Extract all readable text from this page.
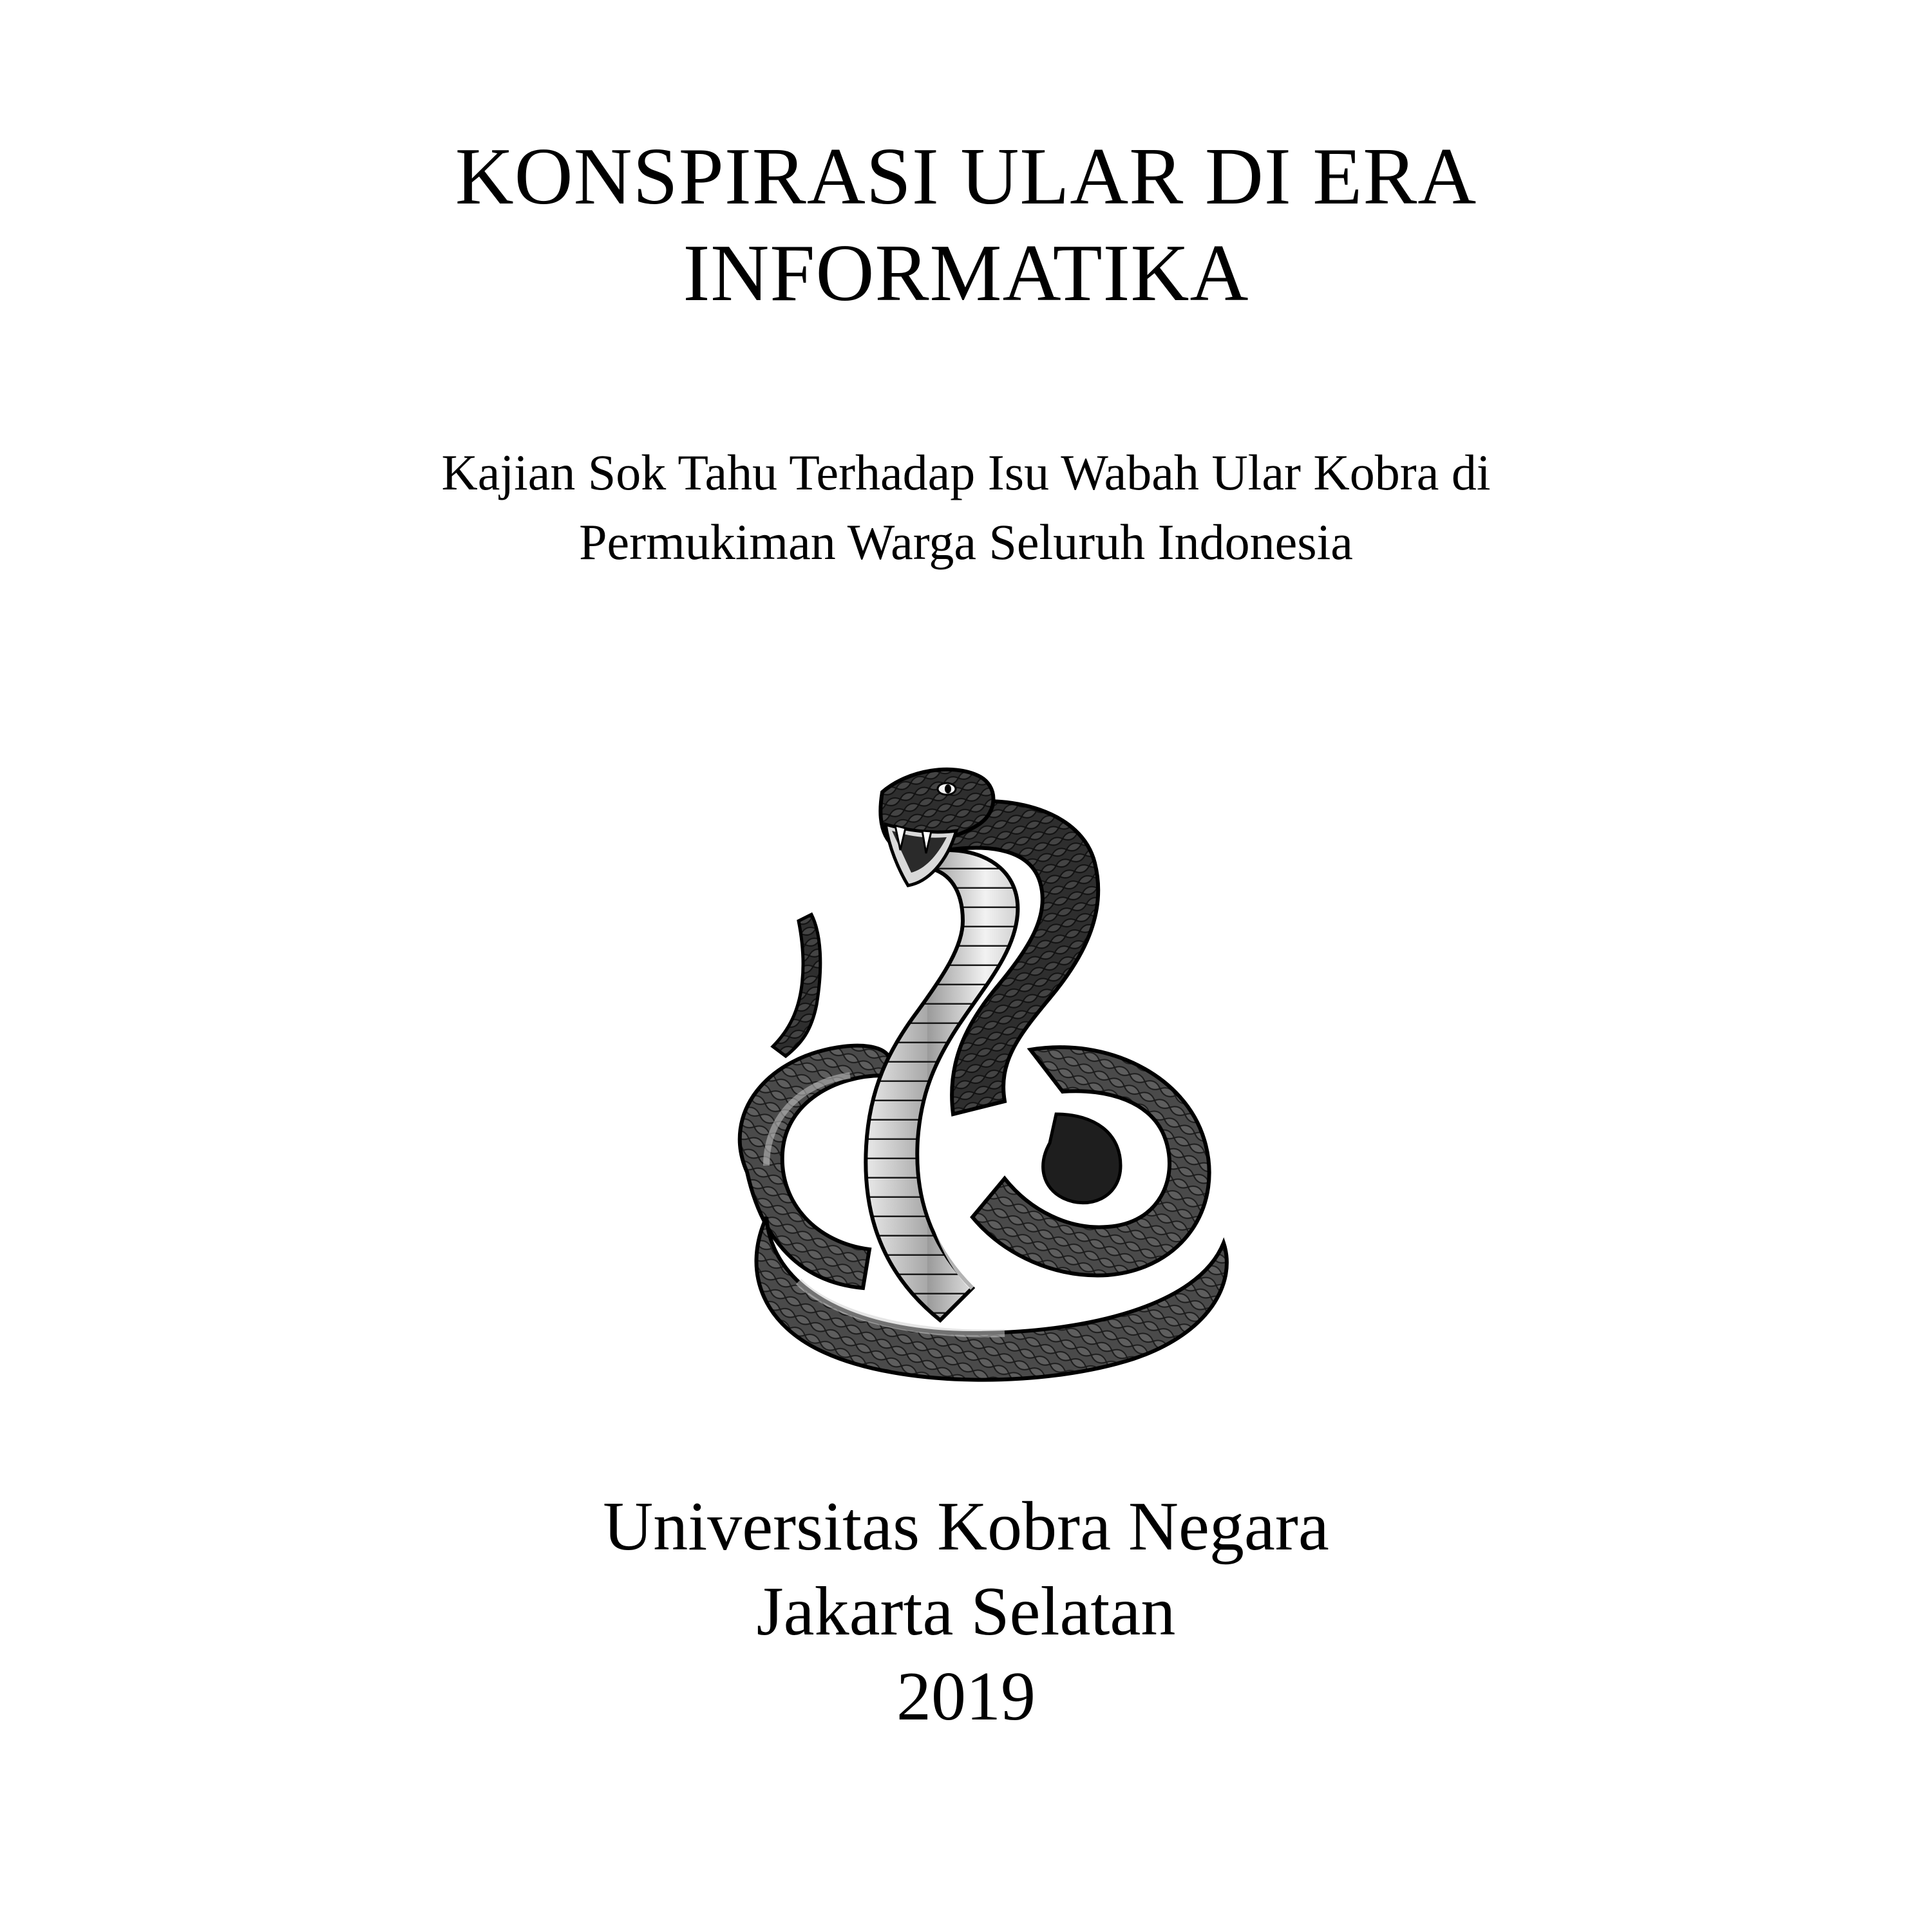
KONSPIRASI ULAR DI ERA
INFORMATIKA
Kajian Sok Tahu Terhadap Isu Wabah Ular Kobra di
Permukiman Warga Seluruh Indonesia
Universitas Kobra Negara
Jakarta Selatan
2019
